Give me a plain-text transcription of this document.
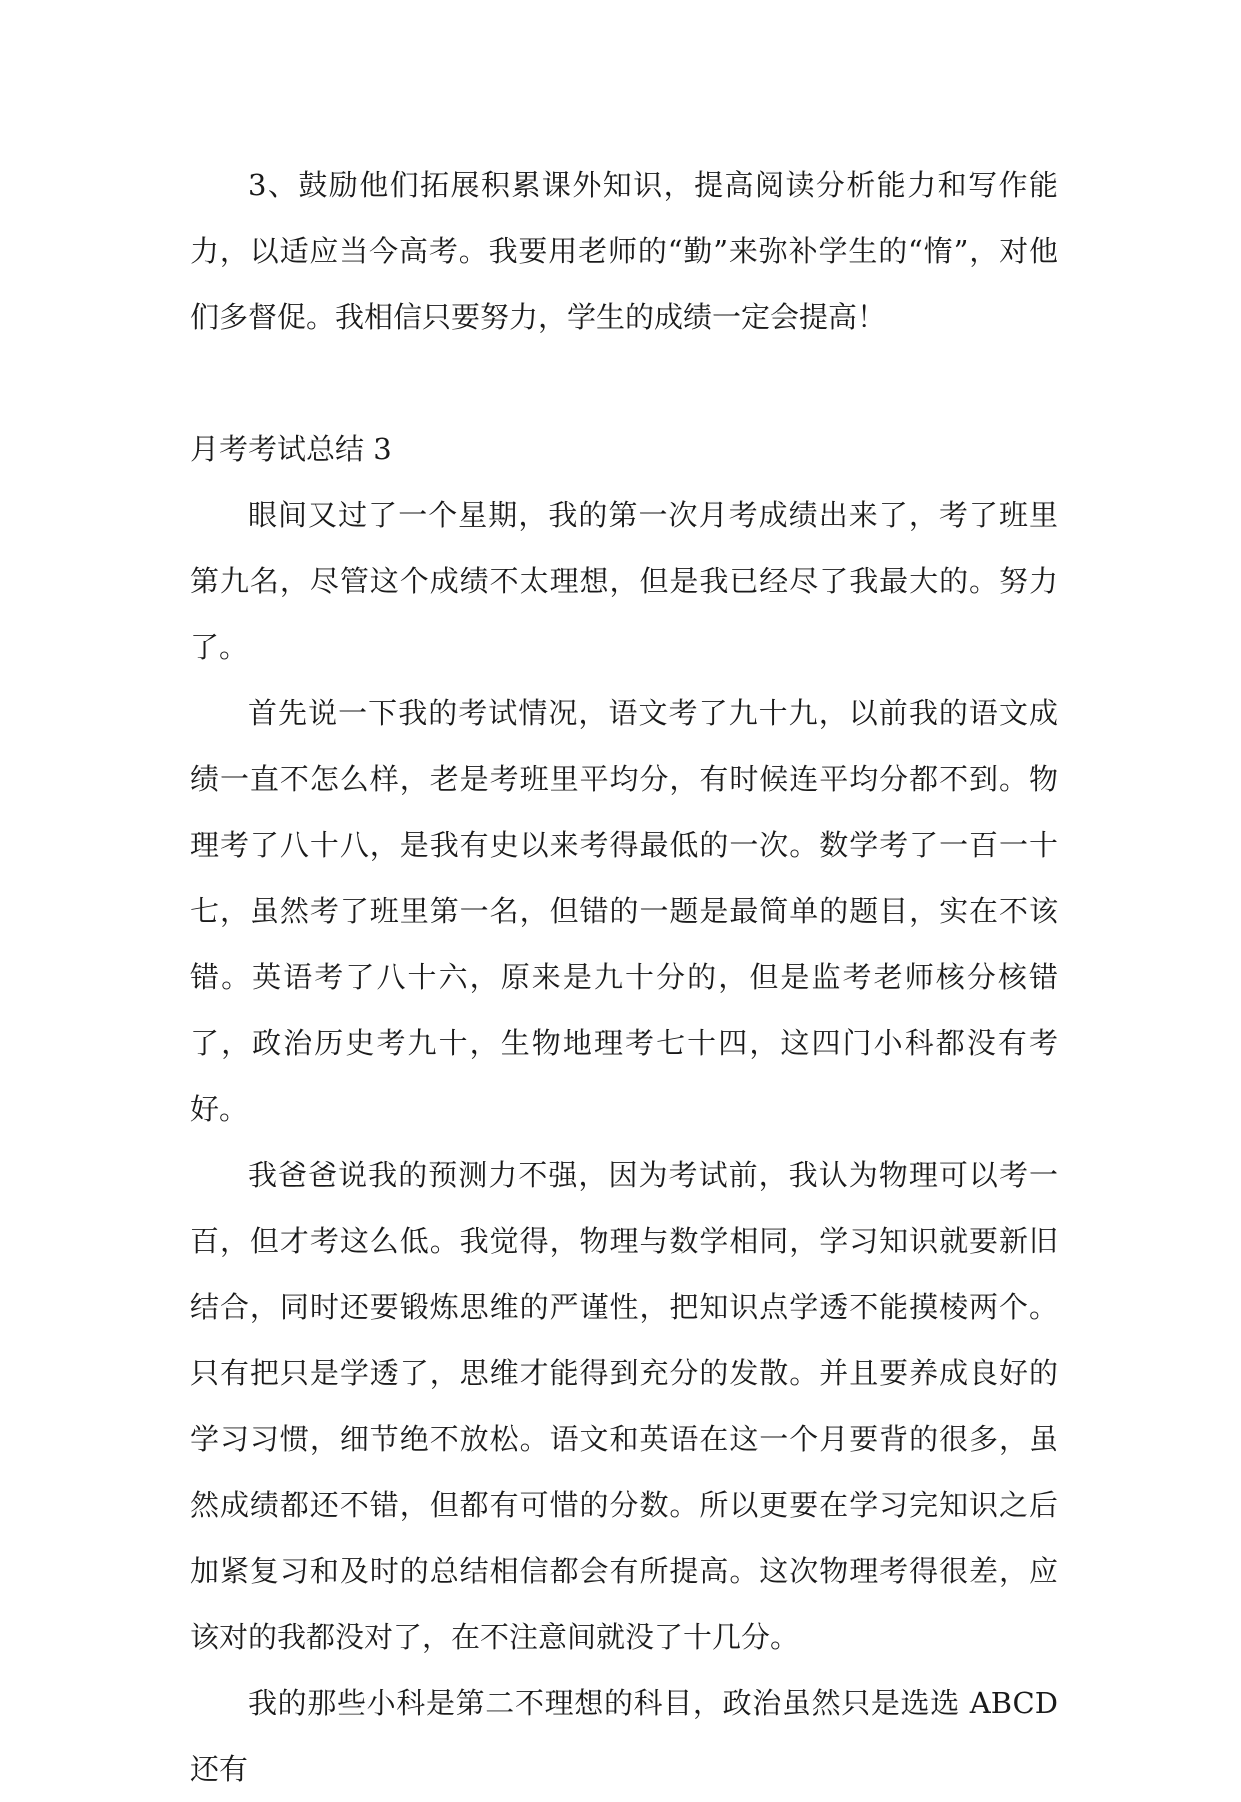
3、鼓励他们拓展积累课外知识，提高阅读分析能力和写作能力，以适应当今高考。我要用老师的“勤”来弥补学生的“惰”，对他们多督促。我相信只要努力，学生的成绩一定会提高！

月考考试总结 3

眼间又过了一个星期，我的第一次月考成绩出来了，考了班里第九名，尽管这个成绩不太理想，但是我已经尽了我最大的。努力了。

首先说一下我的考试情况，语文考了九十九，以前我的语文成绩一直不怎么样，老是考班里平均分，有时候连平均分都不到。物理考了八十八，是我有史以来考得最低的一次。数学考了一百一十七，虽然考了班里第一名，但错的一题是最简单的题目，实在不该错。英语考了八十六，原来是九十分的，但是监考老师核分核错了，政治历史考九十，生物地理考七十四，这四门小科都没有考好。

我爸爸说我的预测力不强，因为考试前，我认为物理可以考一百，但才考这么低。我觉得，物理与数学相同，学习知识就要新旧结合，同时还要锻炼思维的严谨性，把知识点学透不能摸棱两个。只有把只是学透了，思维才能得到充分的发散。并且要养成良好的学习习惯，细节绝不放松。语文和英语在这一个月要背的很多，虽然成绩都还不错，但都有可惜的分数。所以更要在学习完知识之后加紧复习和及时的总结相信都会有所提高。这次物理考得很差，应该对的我都没对了，在不注意间就没了十几分。

我的那些小科是第二不理想的科目，政治虽然只是选选 ABCD 还有
